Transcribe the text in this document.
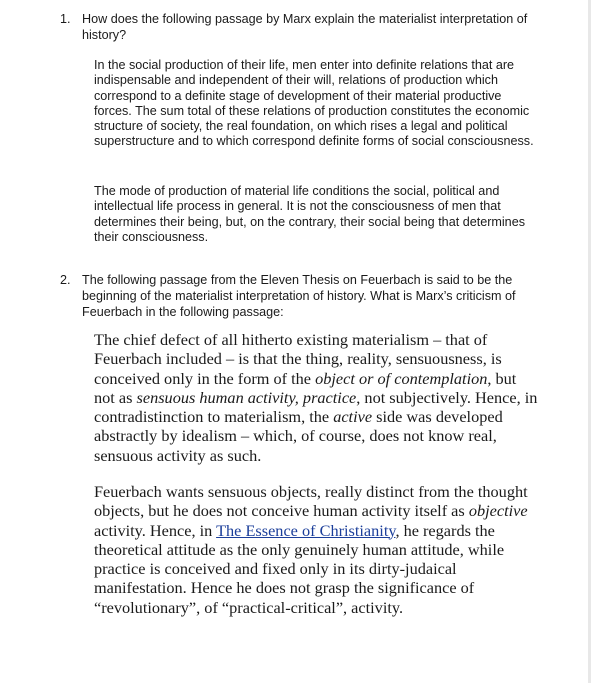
1. How does the following passage by Marx explain the materialist interpretation of history?
In the social production of their life, men enter into definite relations that are indispensable and independent of their will, relations of production which correspond to a definite stage of development of their material productive forces. The sum total of these relations of production constitutes the economic structure of society, the real foundation, on which rises a legal and political superstructure and to which correspond definite forms of social consciousness.
The mode of production of material life conditions the social, political and intellectual life process in general. It is not the consciousness of men that determines their being, but, on the contrary, their social being that determines their consciousness.
2. The following passage from the Eleven Thesis on Feuerbach is said to be the beginning of the materialist interpretation of history. What is Marx’s criticism of Feuerbach in the following passage:
The chief defect of all hitherto existing materialism – that of Feuerbach included – is that the thing, reality, sensuousness, is conceived only in the form of the object or of contemplation, but not as sensuous human activity, practice, not subjectively. Hence, in contradistinction to materialism, the active side was developed abstractly by idealism – which, of course, does not know real, sensuous activity as such.
Feuerbach wants sensuous objects, really distinct from the thought objects, but he does not conceive human activity itself as objective activity. Hence, in The Essence of Christianity, he regards the theoretical attitude as the only genuinely human attitude, while practice is conceived and fixed only in its dirty-judaical manifestation. Hence he does not grasp the significance of “revolutionary”, of “practical-critical”, activity.
